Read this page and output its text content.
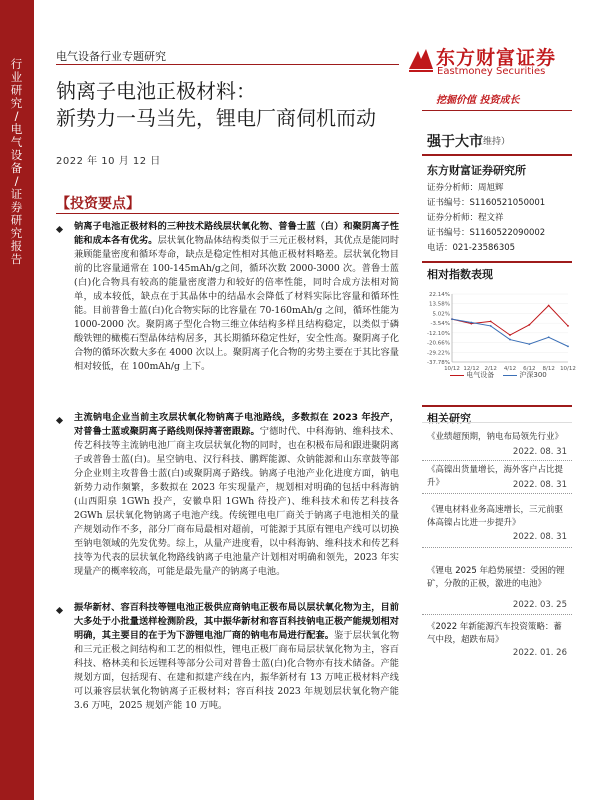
行业研究 / 电气设备 / 证券研究报告
电气设备行业专题研究
钠离子电池正极材料：
新势力一马当先，锂电厂商伺机而动
2022 年 10 月 12 日
东方财富证券
Eastmoney Securities
挖掘价值 投资成长
强于大市
（维持）
东方财富证券研究所
证券分析师：周旭辉
证书编号：S1160521050001
证券分析师：程文祥
证书编号：S1160522090002
电话：021-23586305
相对指数表现
22.14%
13.58%
5.02%
-3.54%
-12.10%
-20.66%
-29.22%
-37.78%
10/12 12/12 2/12 4/12 6/12 8/12 10/12
电气设备	沪深300
相关研究
《业绩超预期，钠电布局领先行业》
2022. 08. 31
《高镍出货量增长，海外客户占比提升》	2022. 08. 31
《锂电材料业务高速增长，三元前驱体高镍占比进一步提升》
2022. 08. 31
《锂电 2025 年趋势展望：受困的锂矿，分散的正极，激进的电池》
2022. 03. 25
《2022 年新能源汽车投资策略：蓄气中段，超跌布局》
2022. 01. 26
【投资要点】
钠离子电池正极材料的三种技术路线层状氧化物、普鲁士蓝（白）和聚阴离子性能和成本各有优劣。层状氧化物晶体结构类似于三元正极材料，其优点是能同时兼顾能量密度和循环寿命，缺点是稳定性相对其他正极材料略差。层状氧化物目前的比容量通常在 100-145mAh/g之间，循环次数 2000-3000 次。普鲁士蓝(白)化合物具有较高的能量密度潜力和较好的倍率性能，同时合成方法相对简单，成本较低，缺点在于其晶体中的结晶水会降低了材料实际比容量和循环性能。目前普鲁士蓝(白)化合物实际的比容量在 70-160mAh/g 之间，循环性能为 1000-2000 次。聚阴离子型化合物三维立体结构多样且结构稳定，以类似于磷酸铁锂的橄榄石型晶体结构居多，其长期循环稳定性好，安全性高。聚阴离子化合物的循环次数大多在 4000 次以上。聚阴离子化合物的劣势主要在于其比容量相对较低，在 100mAh/g 上下。
主流钠电企业当前主攻层状氧化物钠离子电池路线，多数拟在 2023 年投产，对普鲁士蓝或聚阴离子路线则保持著密跟踪。宁德时代、中科海钠、维科技术、传艺科技等主流钠电池厂商主攻层状氧化物的同时，也在积极布局和跟进聚阴离子或普鲁士蓝(白)。星空钠电、汉行科技、鹏辉能源、众钠能源和山东章鼓等部分企业则主攻普鲁士蓝(白)或聚阴离子路线。钠离子电池产业化进度方面，钠电新势力动作频繁，多数拟在 2023 年实现量产，规划相对明确的包括中科海钠(山西阳泉 1GWh 投产，安徽阜阳 1GWh 待投产)、维科技术和传艺科技各 2GWh 层状氧化物钠离子电池产线。传统锂电电厂商关于钠离子电池相关的量产规划动作不多，部分厂商布局最相对超前，可能源于其原有锂电产线可以切换至钠电领域的先发优势。综上，从量产进度看，以中科海钠、维科技术和传艺科技等为代表的层状氧化物路线钠离子电池量产计划相对明确和领先，2023 年实现量产的概率较高，可能是最先量产的钠离子电池。
振华新材、容百科技等锂电池正极供应商钠电正极布局以层状氧化物为主，目前大多处于小批量送样检测阶段，其中振华新材和容百科技钠电正极产能规划相对明确，其主要目的在于为下游锂电池厂商的钠电布局进行配套。鉴于层状氧化物和三元正极之间结构和工艺的相似性，锂电正极厂商布局层状氧化物为主，容百科技、格林美和长远锂科等部分公司对普鲁士蓝(白)化合物亦有技术储备。产能规划方面，包括现有、在建和拟建产线在内，振华新材有 13 万吨正极材料产线可以兼容层状氧化物钠离子正极材料；容百科技 2023 年规划层状氧化物产能 3.6 万吨，2025 规划产能 10 万吨。
